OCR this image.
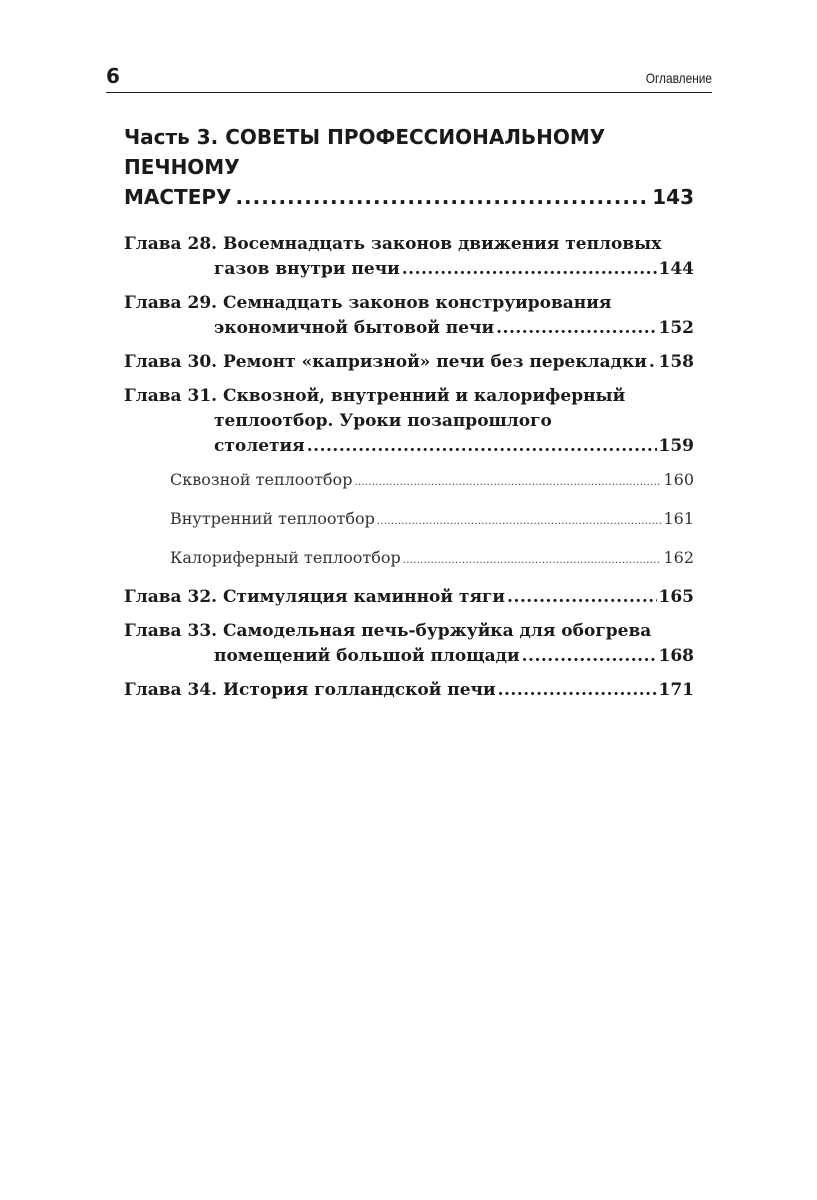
6	Оглавление
Часть 3. СОВЕТЫ ПРОФЕССИОНАЛЬНОМУ ПЕЧНОМУ
МАСТЕРУ .....	143
Глава 28. Восемнадцать законов движения тепловых
газов внутри печи .....	144
Глава 29. Семнадцать законов конструирования
экономичной бытовой печи .....	152
Глава 30. Ремонт «капризной» печи без перекладки ..... 158
Глава 31. Сквозной, внутренний и калориферный
теплоотбор. Уроки позапрошлого
столетия .....	159
Сквозной теплоотбор .....	160
Внутренний теплоотбор .....	161
Калориферный теплоотбор .....	162
Глава 32. Стимуляция каминной тяги .....	165
Глава 33. Самодельная печь-буржуйка для обогрева
помещений большой площади .....	168
Глава 34. История голландской печи .....	171
